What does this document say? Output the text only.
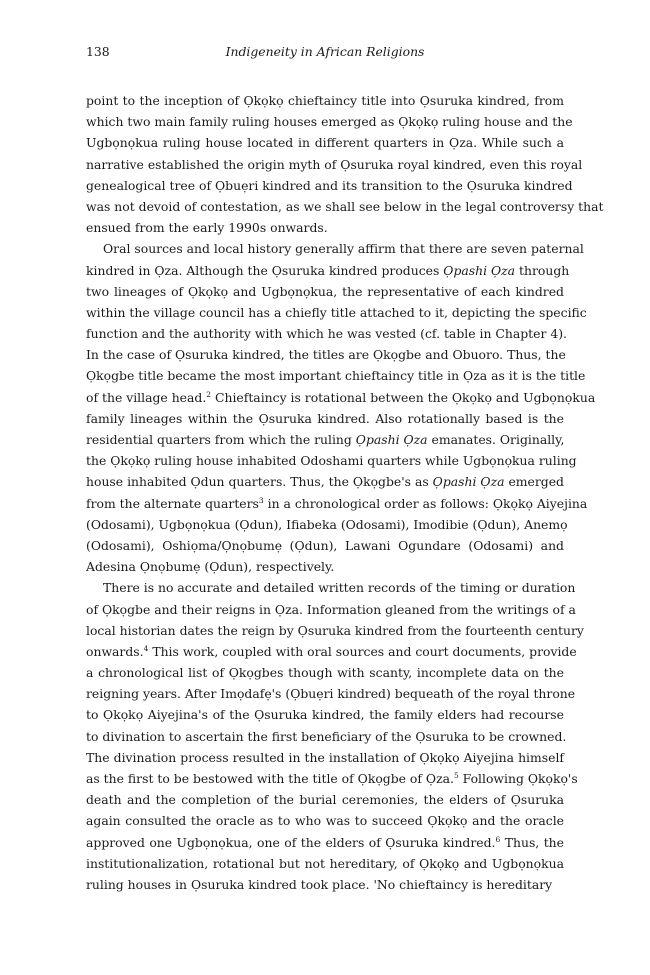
138	Indigeneity in African Religions
point to the inception of Ọkọkọ chieftaincy title into Ọsuruka kindred, from
which two main family ruling houses emerged as Ọkọkọ ruling house and the
Ugbọnọkua ruling house located in different quarters in Ọza. While such a
narrative established the origin myth of Ọsuruka royal kindred, even this royal
genealogical tree of Ọbuẹri kindred and its transition to the Ọsuruka kindred
was not devoid of contestation, as we shall see below in the legal controversy that
ensued from the early 1990s onwards.
Oral sources and local history generally affirm that there are seven paternal
kindred in Ọza. Although the Ọsuruka kindred produces Ọpashi Ọza through
two lineages of Ọkọkọ and Ugbọnọkua, the representative of each kindred
within the village council has a chiefly title attached to it, depicting the specific
function and the authority with which he was vested (cf. table in Chapter 4).
In the case of Ọsuruka kindred, the titles are Ọkọgbe and Obuoro. Thus, the
Ọkọgbe title became the most important chieftaincy title in Ọza as it is the title
of the village head.$^2$ Chieftaincy is rotational between the Ọkọkọ and Ugbọnọkua
family lineages within the Ọsuruka kindred. Also rotationally based is the
residential quarters from which the ruling Ọpashi Ọza emanates. Originally,
the Ọkọkọ ruling house inhabited Odoshami quarters while Ugbọnọkua ruling
house inhabited Ọdun quarters. Thus, the Ọkọgbe's as Ọpashi Ọza emerged
from the alternate quarters$^3$ in a chronological order as follows: Ọkọkọ Aiyejina
(Odosami), Ugbọnọkua (Ọdun), Ifiabeka (Odosami), Imodibie (Ọdun), Anemọ
(Odosami), Oshiọma/Ọnọbumẹ (Ọdun), Lawani Ogundare (Odosami) and
Adesina Ọnọbumẹ (Ọdun), respectively.
There is no accurate and detailed written records of the timing or duration
of Ọkọgbe and their reigns in Ọza. Information gleaned from the writings of a
local historian dates the reign by Ọsuruka kindred from the fourteenth century
onwards.$^4$ This work, coupled with oral sources and court documents, provide
a chronological list of Ọkọgbes though with scanty, incomplete data on the
reigning years. After Imọdafẹ's (Ọbuẹri kindred) bequeath of the royal throne
to Ọkọkọ Aiyejina's of the Ọsuruka kindred, the family elders had recourse
to divination to ascertain the first beneficiary of the Ọsuruka to be crowned.
The divination process resulted in the installation of Ọkọkọ Aiyejina himself
as the first to be bestowed with the title of Ọkọgbe of Ọza.$^5$ Following Ọkọkọ's
death and the completion of the burial ceremonies, the elders of Ọsuruka
again consulted the oracle as to who was to succeed Ọkọkọ and the oracle
approved one Ugbọnọkua, one of the elders of Ọsuruka kindred.$^6$ Thus, the
institutionalization, rotational but not hereditary, of Ọkọkọ and Ugbọnọkua
ruling houses in Ọsuruka kindred took place. 'No chieftaincy is hereditary
